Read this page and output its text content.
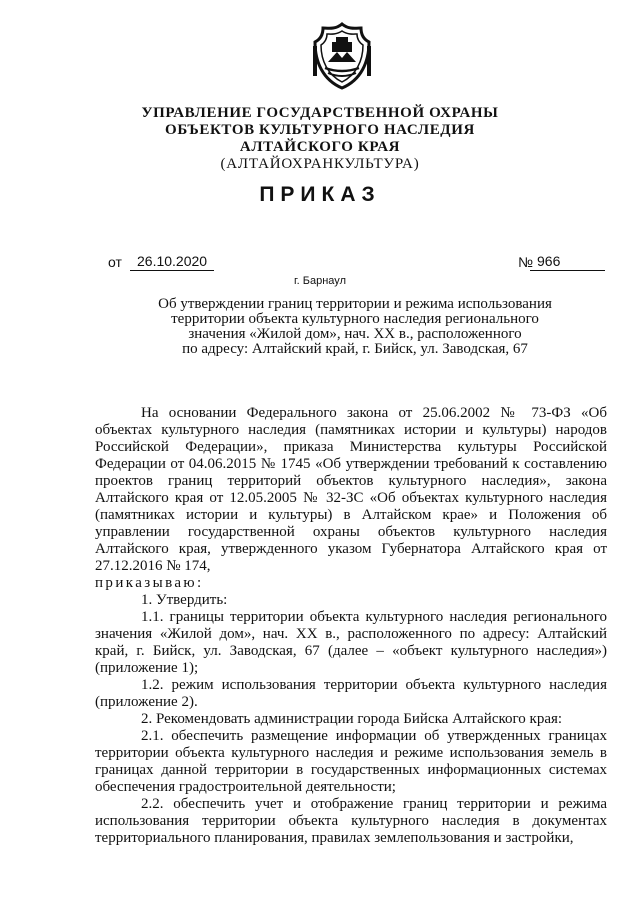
УПРАВЛЕНИЕ ГОСУДАРСТВЕННОЙ ОХРАНЫ
ОБЪЕКТОВ КУЛЬТУРНОГО НАСЛЕДИЯ
АЛТАЙСКОГО КРАЯ
(АЛТАЙОХРАНКУЛЬТУРА)
ПРИКАЗ
от 26.10.2020	№ 966
г. Барнаул
Об утверждении границ территории и режима использования
территории объекта культурного наследия регионального
значения «Жилой дом», нач. XX в., расположенного
по адресу: Алтайский край, г. Бийск, ул. Заводская, 67

На основании Федерального закона от 25.06.2002 № 73-ФЗ «Об объектах культурного наследия (памятниках истории и культуры) народов Российской Федерации», приказа Министерства культуры Российской Федерации от 04.06.2015 № 1745 «Об утверждении требований к составлению проектов границ территорий объектов культурного наследия», закона Алтайского края от 12.05.2005 № 32-ЗС «Об объектах культурного наследия (памятниках истории и культуры) в Алтайском крае» и Положения об управлении государственной охраны объектов культурного наследия Алтайского края, утвержденного указом Губернатора Алтайского края от 27.12.2016 № 174,

приказываю:

1. Утвердить:

1.1. границы территории объекта культурного наследия регионального значения «Жилой дом», нач. XX в., расположенного по адресу: Алтайский край, г. Бийск, ул. Заводская, 67 (далее – «объект культурного наследия») (приложение 1);

1.2. режим использования территории объекта культурного наследия (приложение 2).

2. Рекомендовать администрации города Бийска Алтайского края:

2.1. обеспечить размещение информации об утвержденных границах территории объекта культурного наследия и режиме использования земель в границах данной территории в государственных информационных системах обеспечения градостроительной деятельности;

2.2. обеспечить учет и отображение границ территории и режима использования территории объекта культурного наследия в документах территориального планирования, правилах землепользования и застройки,
